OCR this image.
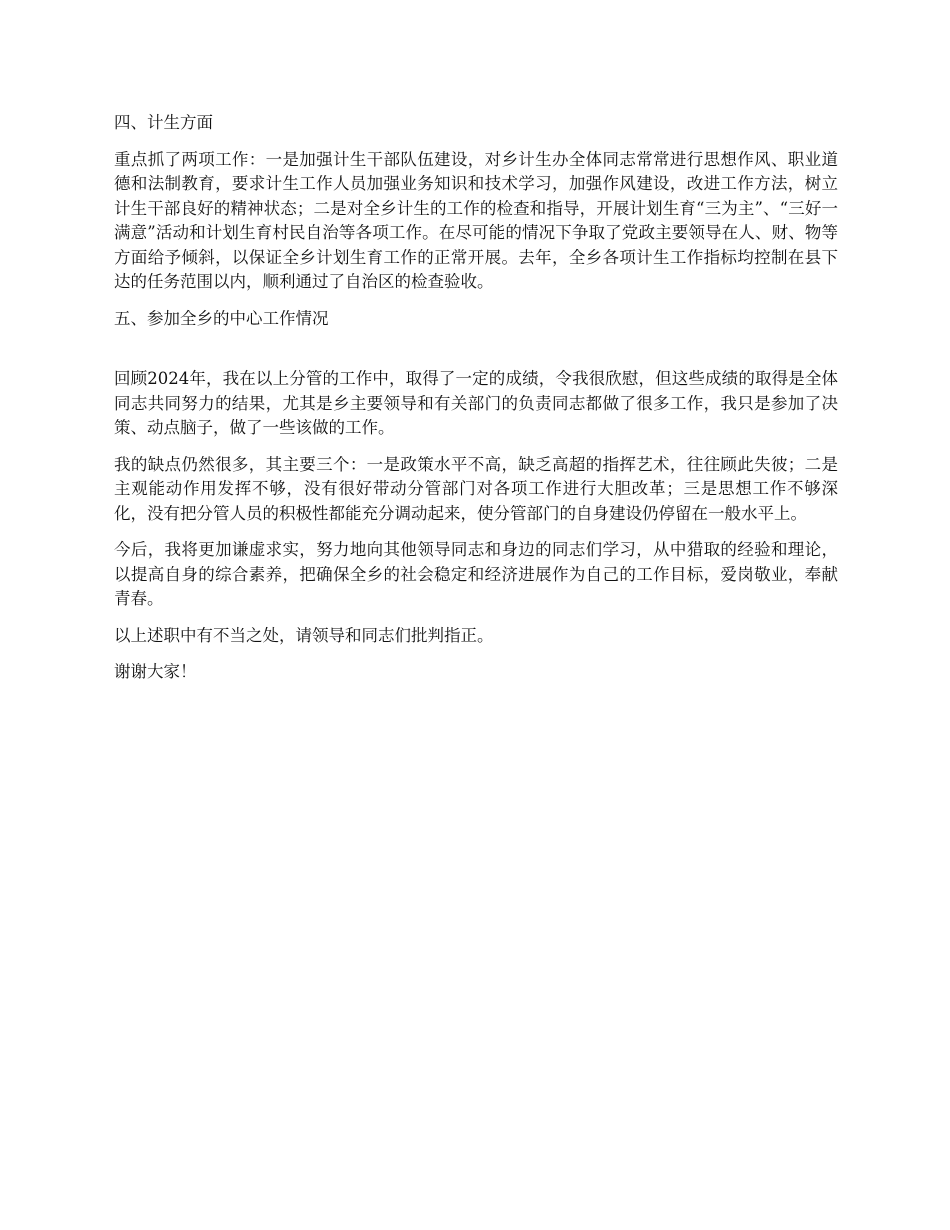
四、计生方面

重点抓了两项工作：一是加强计生干部队伍建设，对乡计生办全体同志常常进行思想作风、职业道德和法制教育，要求计生工作人员加强业务知识和技术学习，加强作风建设，改进工作方法，树立计生干部良好的精神状态；二是对全乡计生的工作的检查和指导，开展计划生育“三为主”、“三好一满意”活动和计划生育村民自治等各项工作。在尽可能的情况下争取了党政主要领导在人、财、物等方面给予倾斜，以保证全乡计划生育工作的正常开展。去年，全乡各项计生工作指标均控制在县下达的任务范围以内，顺利通过了自治区的检查验收。

五、参加全乡的中心工作情况

回顾2024年，我在以上分管的工作中，取得了一定的成绩，令我很欣慰，但这些成绩的取得是全体同志共同努力的结果，尤其是乡主要领导和有关部门的负责同志都做了很多工作，我只是参加了决策、动点脑子，做了一些该做的工作。

我的缺点仍然很多，其主要三个：一是政策水平不高，缺乏高超的指挥艺术，往往顾此失彼；二是主观能动作用发挥不够，没有很好带动分管部门对各项工作进行大胆改革；三是思想工作不够深化，没有把分管人员的积极性都能充分调动起来，使分管部门的自身建设仍停留在一般水平上。

今后，我将更加谦虚求实，努力地向其他领导同志和身边的同志们学习，从中猎取的经验和理论，以提高自身的综合素养，把确保全乡的社会稳定和经济进展作为自己的工作目标，爱岗敬业，奉献青春。

以上述职中有不当之处，请领导和同志们批判指正。

谢谢大家！
